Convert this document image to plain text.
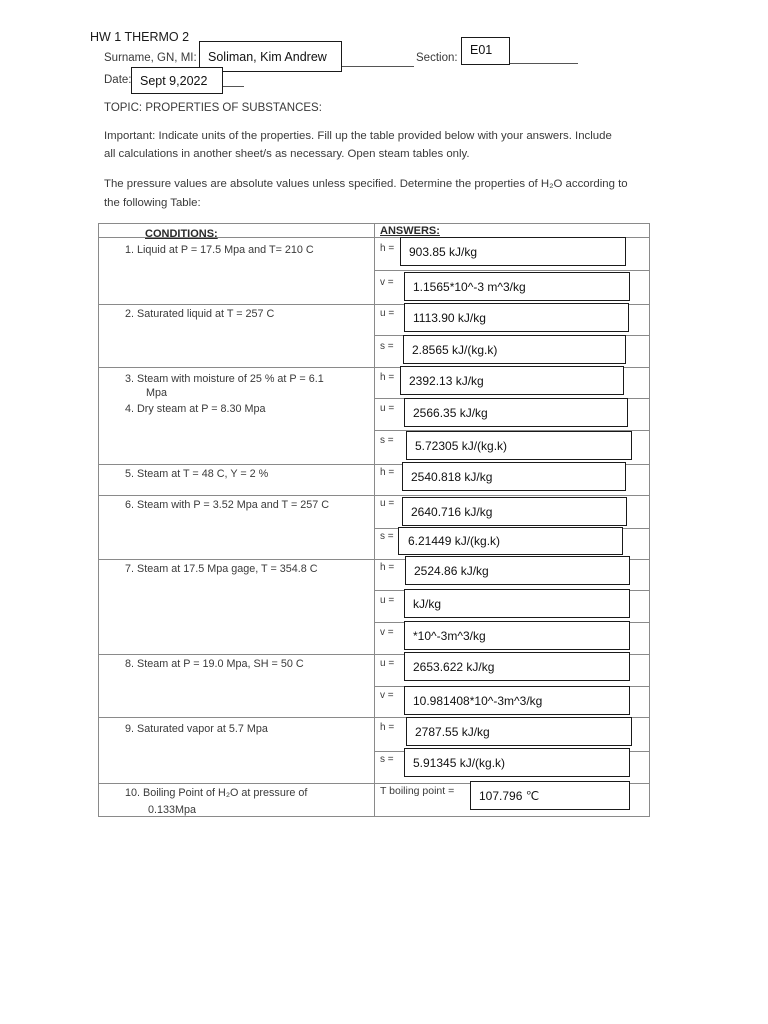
HW 1 THERMO 2
Surname, GN, MI: Soliman, Kim Andrew	Section:
E01
Date: Sept 9,2022
TOPIC: PROPERTIES OF SUBSTANCES:
Important: Indicate units of the properties. Fill up the table provided below with your answers. Include
all calculations in another sheet/s as necessary. Open steam tables only.
The pressure values are absolute values unless specified. Determine the properties of H₂O according to
the following Table:
CONDITIONS:	ANSWERS:
1. Liquid at P = 17.5 Mpa and T= 210 C
2. Saturated liquid at T = 257 C
3. Steam with moisture of 25 % at P = 6.1
Mpa
4. Dry steam at P = 8.30 Mpa
5. Steam at T = 48 C, Y = 2 %
6. Steam with P = 3.52 Mpa and T = 257 C
7. Steam at 17.5 Mpa gage, T = 354.8 C
8. Steam at P = 19.0 Mpa, SH = 50 C
9. Saturated vapor at 5.7 Mpa
10. Boiling Point of H₂O at pressure of
0.133Mpa
h =
v =
u =
s =
h =
u =
s =
h =
u =
s =
h =
u =
v =
u =
v =
h =
s =
T boiling point =
903.85 kJ/kg
1.1565*10^-3 m^3/kg
1113.90 kJ/kg
2.8565 kJ/(kg.k)
2392.13 kJ/kg
2566.35 kJ/kg
5.72305 kJ/(kg.k)
2540.818 kJ/kg
2640.716 kJ/kg
6.21449 kJ/(kg.k)
2524.86 kJ/kg
kJ/kg
*10^-3m^3/kg
2653.622 kJ/kg
10.981408*10^-3m^3/kg
2787.55 kJ/kg
5.91345 kJ/(kg.k)
107.796 ℃
